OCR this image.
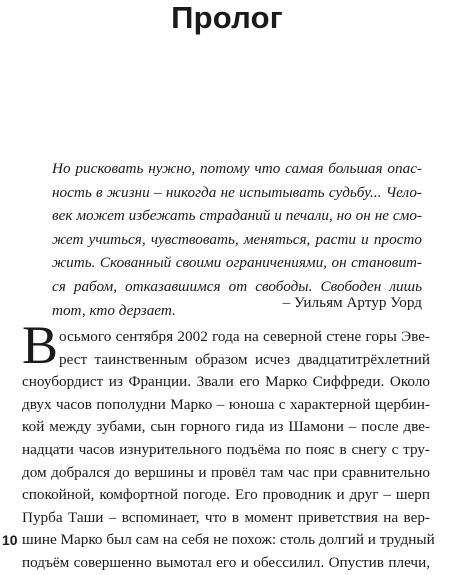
Пролог
Но рисковать нужно, потому что самая большая опас-
ность в жизни – никогда не испытывать судьбу... Чело-
век может избежать страданий и печали, но он не смо-
жет учиться, чувствовать, меняться, расти и просто
жить. Скованный своими ограничениями, он становит-
ся рабом, отказавшимся от свободы. Свободен лишь
тот, кто дерзает.	– Уильям Артур Уорд
В осьмого сентября 2002 года на северной стене горы Эве-
рест таинственным образом исчез двадцатитрёхлетний
сноубордист из Франции. Звали его Марко Сиффреди. Около
двух часов пополудни Марко – юноша с характерной щербин-
кой между зубами, сын горного гида из Шамони – после две-
надцати часов изнурительного подъёма по пояс в снегу с тру-
дом добрался до вершины и провёл там час при сравнительно
спокойной, комфортной погоде. Его проводник и друг – шерп
Пурба Таши – вспоминает, что в момент приветствия на вер-
шине Марко был сам на себя не похож: столь долгий и трудный
подъём совершенно вымотал его и обессилил. Опустив плечи,
10
